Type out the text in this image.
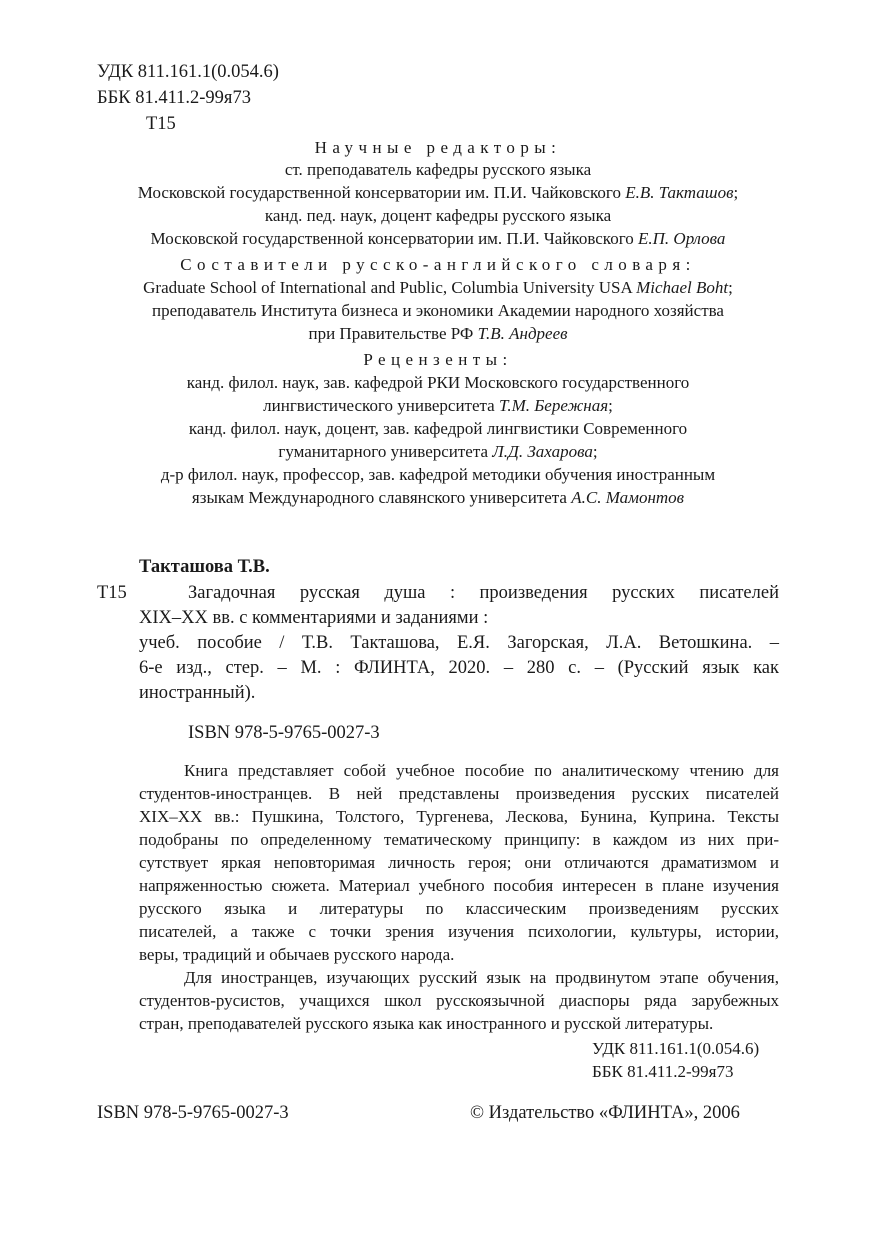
УДК 811.161.1(0.054.6)
ББК 81.411.2-99я73
Т15
Научные редакторы:
ст. преподаватель кафедры русского языка
Московской государственной консерватории им. П.И. Чайковского Е.В. Такташов;
канд. пед. наук, доцент кафедры русского языка
Московской государственной консерватории им. П.И. Чайковского Е.П. Орлова
Составители русско-английского словаря:
Graduate School of International and Public, Columbia University USA Michael Boht;
преподаватель Института бизнеса и экономики Академии народного хозяйства
при Правительстве РФ Т.В. Андреев
Рецензенты:
канд. филол. наук, зав. кафедрой РКИ Московского государственного
лингвистического университета Т.М. Бережная;
канд. филол. наук, доцент, зав. кафедрой лингвистики Современного
гуманитарного университета Л.Д. Захарова;
д-р филол. наук, профессор, зав. кафедрой методики обучения иностранным
языкам Международного славянского университета А.С. Мамонтов
Такташова Т.В.
Т15	Загадочная русская душа : произведения русских писателей
XIX–XX вв. с комментариями и заданиями :
учеб. пособие / Т.В. Такташова, Е.Я. Загорская, Л.А. Ветошкина. –
6-е изд., стер. – М. : ФЛИНТА, 2020. – 280 с. – (Русский язык как
иностранный).
ISBN 978-5-9765-0027-3
Книга представляет собой учебное пособие по аналитическому чтению для
студентов-иностранцев. В ней представлены произведения русских писателей
XIX–XX вв.: Пушкина, Толстого, Тургенева, Лескова, Бунина, Куприна. Тексты
подобраны по определенному тематическому принципу: в каждом из них при-
сутствует яркая неповторимая личность героя; они отличаются драматизмом и
напряженностью сюжета. Материал учебного пособия интересен в плане изучения
русского языка и литературы по классическим произведениям русских
писателей, а также с точки зрения изучения психологии, культуры, истории,
веры, традиций и обычаев русского народа.
Для иностранцев, изучающих русский язык на продвинутом этапе обучения,
студентов-русистов, учащихся школ русскоязычной диаспоры ряда зарубежных
стран, преподавателей русского языка как иностранного и русской литературы.
УДК 811.161.1(0.054.6)
ББК 81.411.2-99я73
ISBN 978-5-9765-0027-3	© Издательство «ФЛИНТА», 2006
